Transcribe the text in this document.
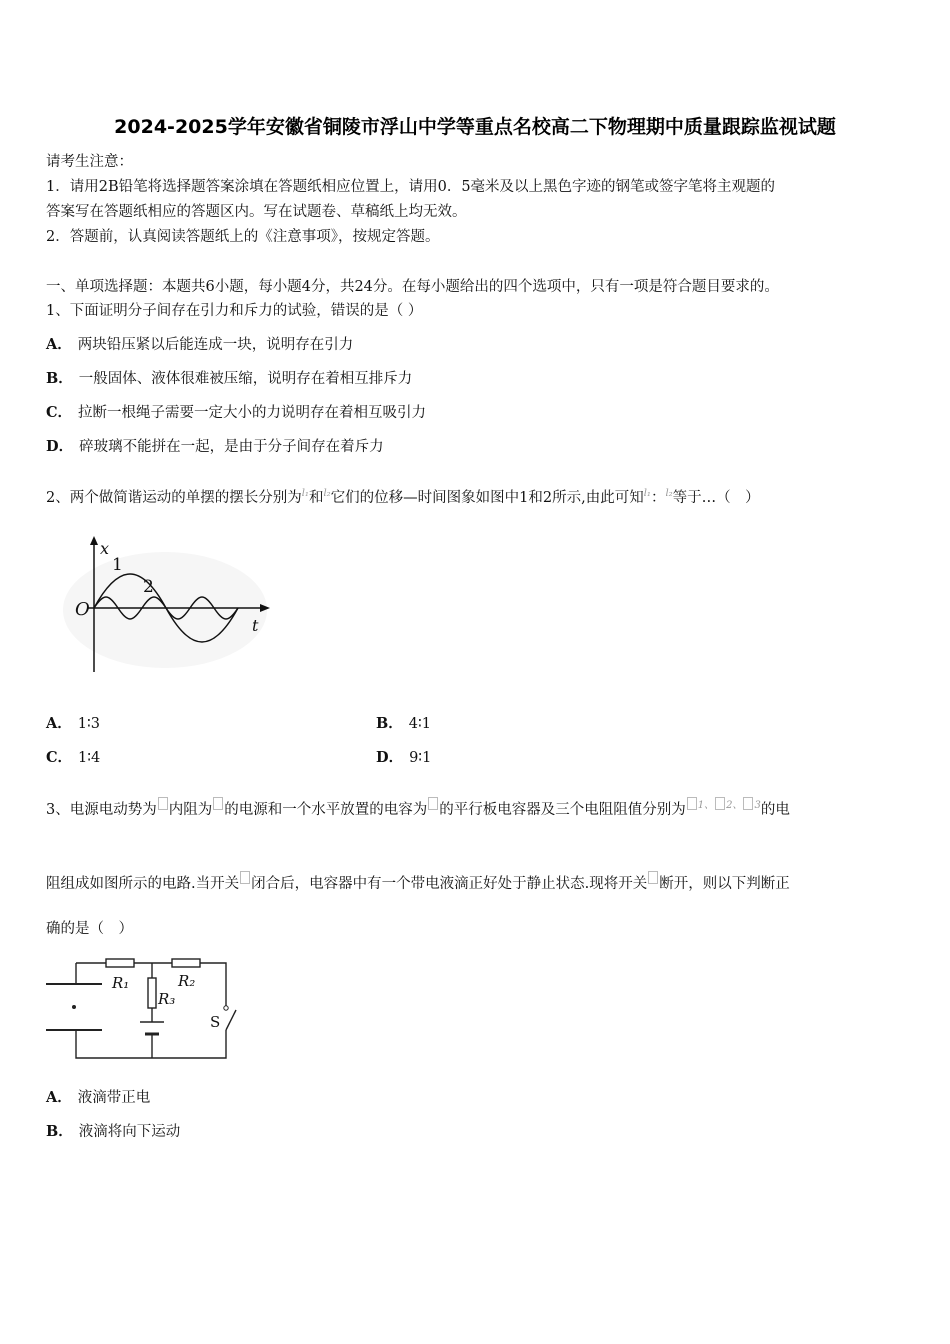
2024-2025学年安徽省铜陵市浮山中学等重点名校高二下物理期中质量跟踪监视试题
请考生注意：
1．请用2B铅笔将选择题答案涂填在答题纸相应位置上，请用0．5毫米及以上黑色字迹的钢笔或签字笔将主观题的
答案写在答题纸相应的答题区内。写在试题卷、草稿纸上均无效。
2．答题前，认真阅读答题纸上的《注意事项》，按规定答题。
一、单项选择题：本题共6小题，每小题4分，共24分。在每小题给出的四个选项中，只有一项是符合题目要求的。
1、下面证明分子间存在引力和斥力的试验，错误的是（ ）
A． 两块铅压紧以后能连成一块，说明存在引力
B． 一般固体、液体很难被压缩，说明存在着相互排斥力
C． 拉断一根绳子需要一定大小的力说明存在着相互吸引力
D． 碎玻璃不能拼在一起，是由于分子间存在着斥力
2、两个做简谐运动的单摆的摆长分别为l₁和l₂它们的位移—时间图象如图中1和2所示,由此可知l₁：l₂等于…（　）
x
t
O
1
2
A． 1∶3	B． 4∶1
C． 1∶4	D． 9∶1
3、电源电动势为 内阻为 的电源和一个水平放置的电容为 的平行板电容器及三个电阻阻值分别为 1、 2、 3的电
阻组成如图所示的电路.当开关 闭合后，电容器中有一个带电液滴正好处于静止状态.现将开关 断开，则以下判断正
确的是（　）
R₁	R₂
R₃
S
A． 液滴带正电
B． 液滴将向下运动
